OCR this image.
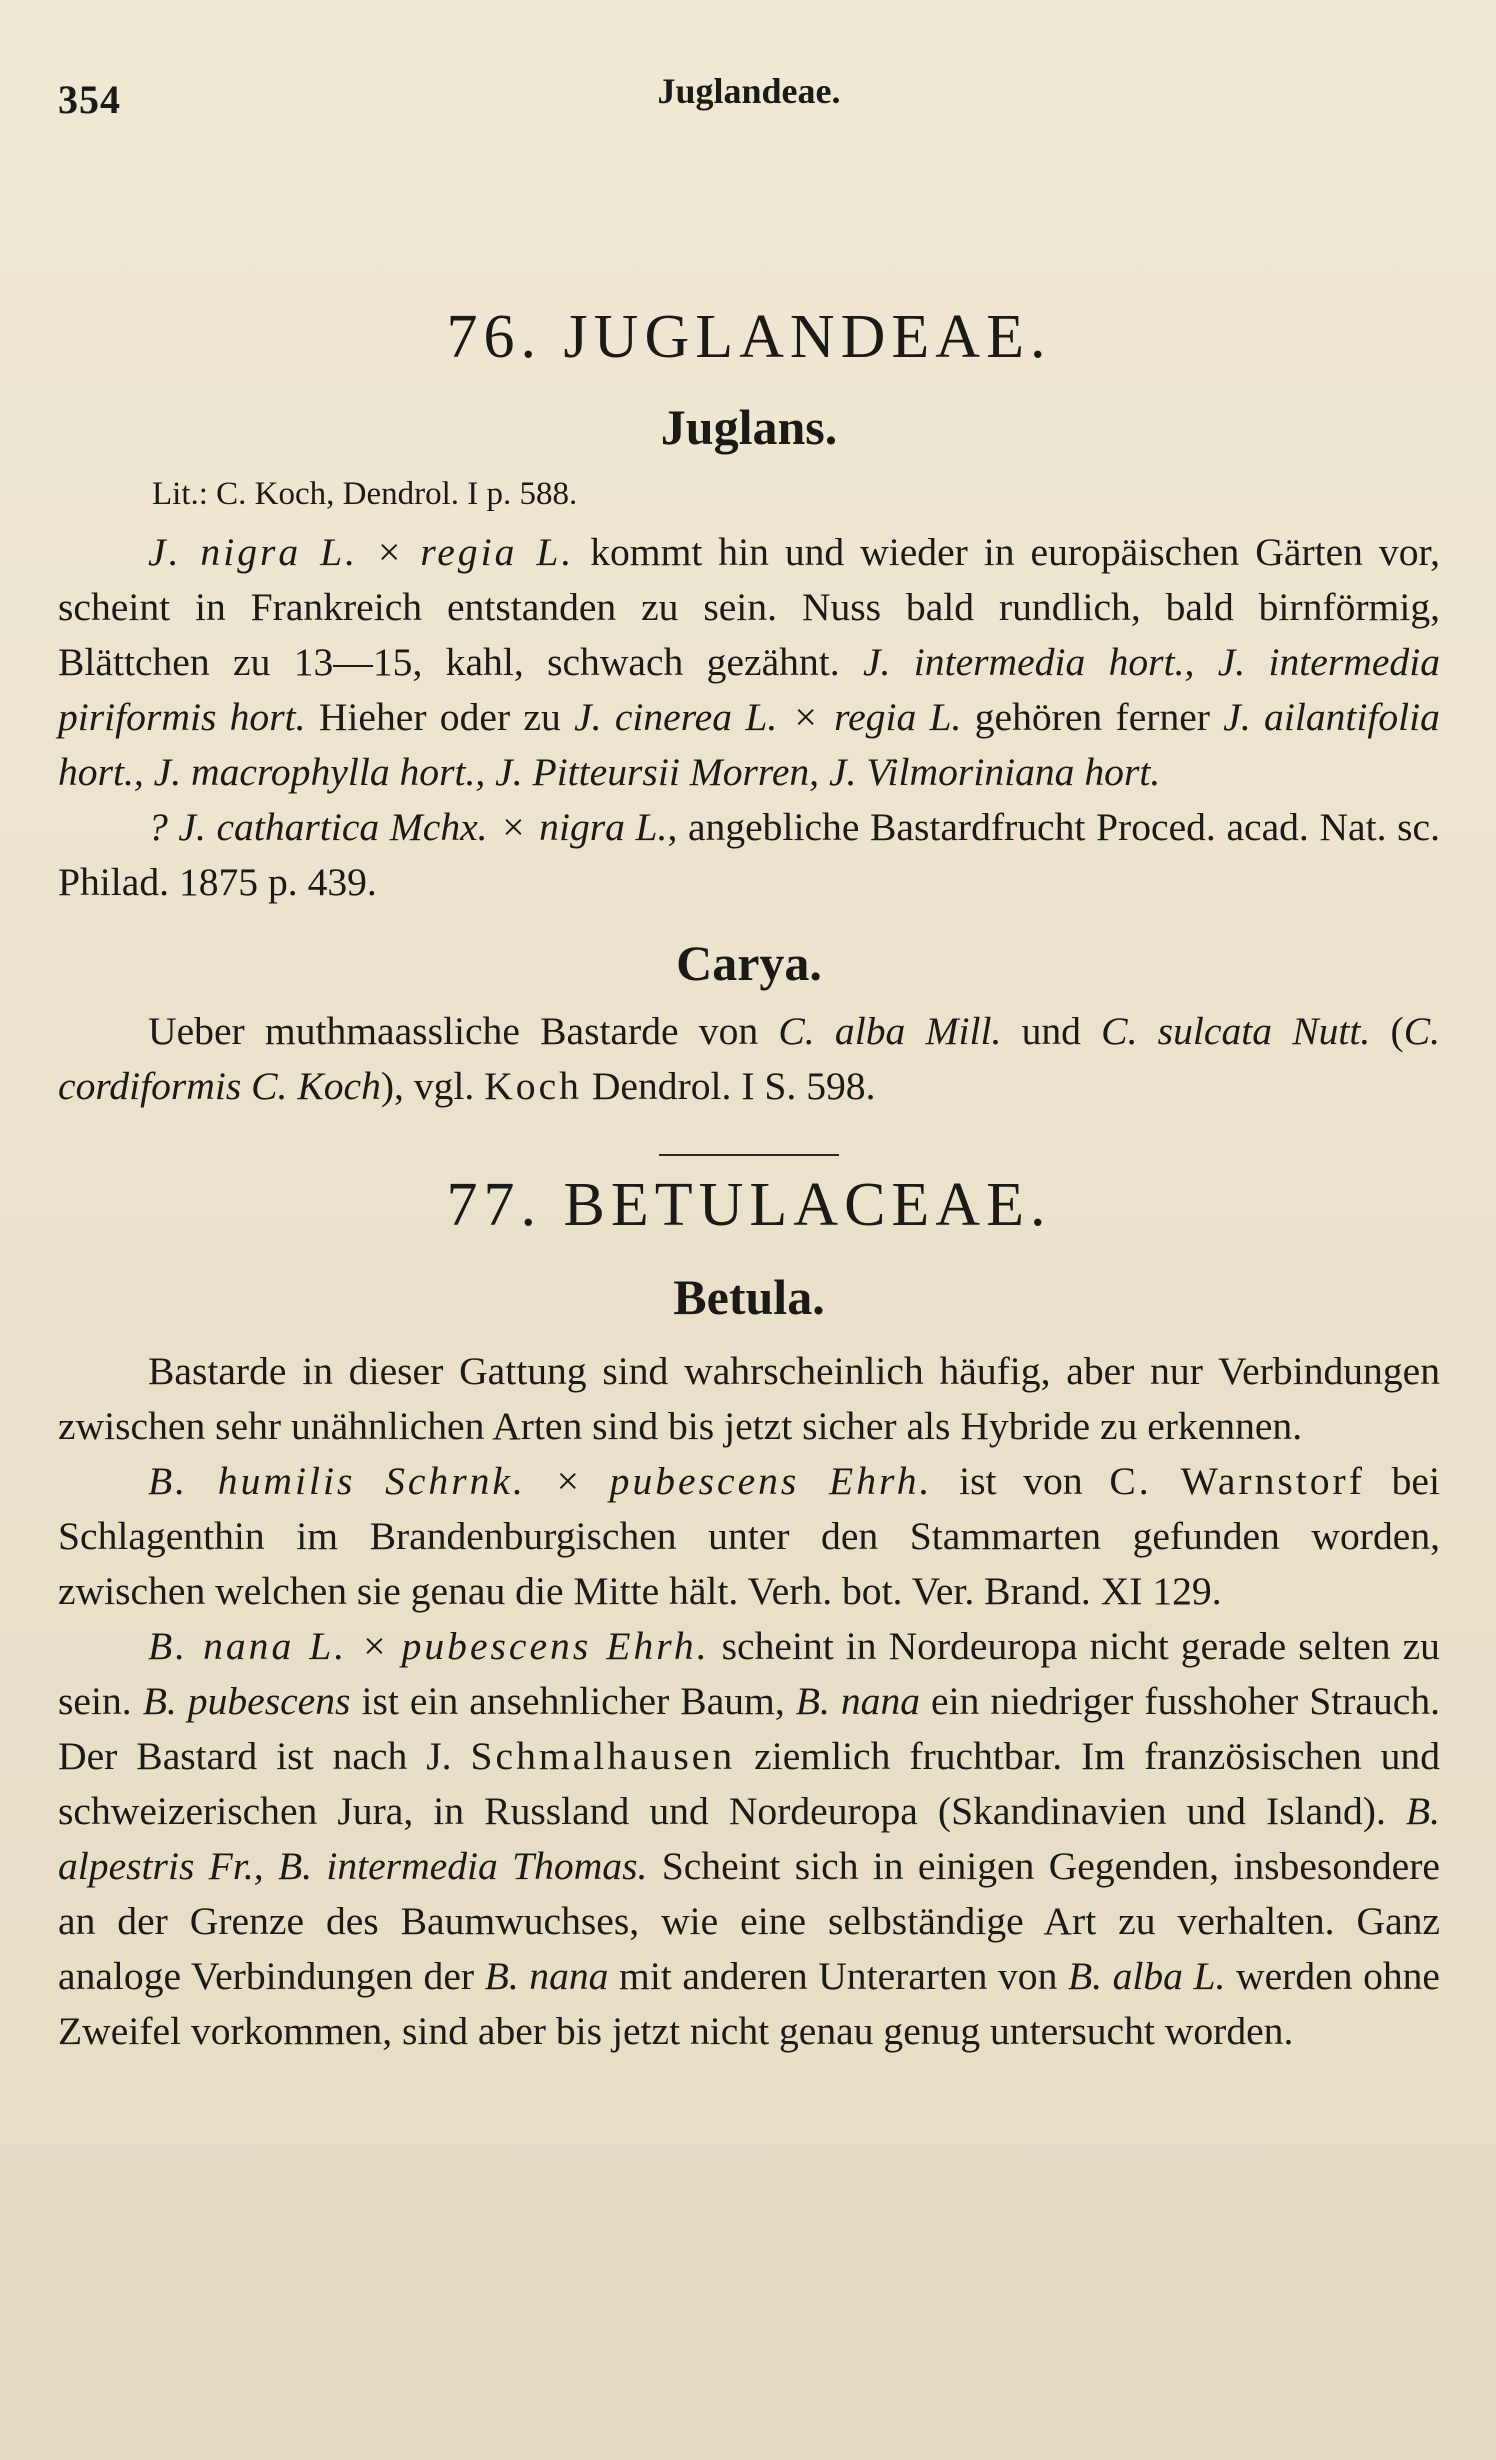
354	Juglandeae.
76. JUGLANDEAE.
Juglans.

Lit.: C. Koch, Dendrol. I p. 588.

J. nigra L. × regia L. kommt hin und wieder in europäischen Gärten vor, scheint in Frankreich entstanden zu sein. Nuss bald rundlich, bald birnförmig, Blättchen zu 13—15, kahl, schwach gezähnt. J. intermedia hort., J. intermedia piriformis hort. Hieher oder zu J. cinerea L. × regia L. gehören ferner J. ailantifolia hort., J. macrophylla hort., J. Pitteursii Morren, J. Vilmoriniana hort.

? J. cathartica Mchx. × nigra L., angebliche Bastardfrucht Proced. acad. Nat. sc. Philad. 1875 p. 439.

Carya.

Ueber muthmaassliche Bastarde von C. alba Mill. und C. sulcata Nutt. (C. cordiformis C. Koch), vgl. Koch Dendrol. I S. 598.

77. BETULACEAE.
Betula.

Bastarde in dieser Gattung sind wahrscheinlich häufig, aber nur Verbindungen zwischen sehr unähnlichen Arten sind bis jetzt sicher als Hybride zu erkennen.

B. humilis Schrnk. × pubescens Ehrh. ist von C. Warnstorf bei Schlagenthin im Brandenburgischen unter den Stammarten gefunden worden, zwischen welchen sie genau die Mitte hält. Verh. bot. Ver. Brand. XI 129.

B. nana L. × pubescens Ehrh. scheint in Nordeuropa nicht gerade selten zu sein. B. pubescens ist ein ansehnlicher Baum, B. nana ein niedriger fusshoher Strauch. Der Bastard ist nach J. Schmalhausen ziemlich fruchtbar. Im französischen und schweizerischen Jura, in Russland und Nordeuropa (Skandinavien und Island). B. alpestris Fr., B. intermedia Thomas. Scheint sich in einigen Gegenden, insbesondere an der Grenze des Baumwuchses, wie eine selbständige Art zu verhalten. Ganz analoge Verbindungen der B. nana mit anderen Unterarten von B. alba L. werden ohne Zweifel vorkommen, sind aber bis jetzt nicht genau genug untersucht worden.
